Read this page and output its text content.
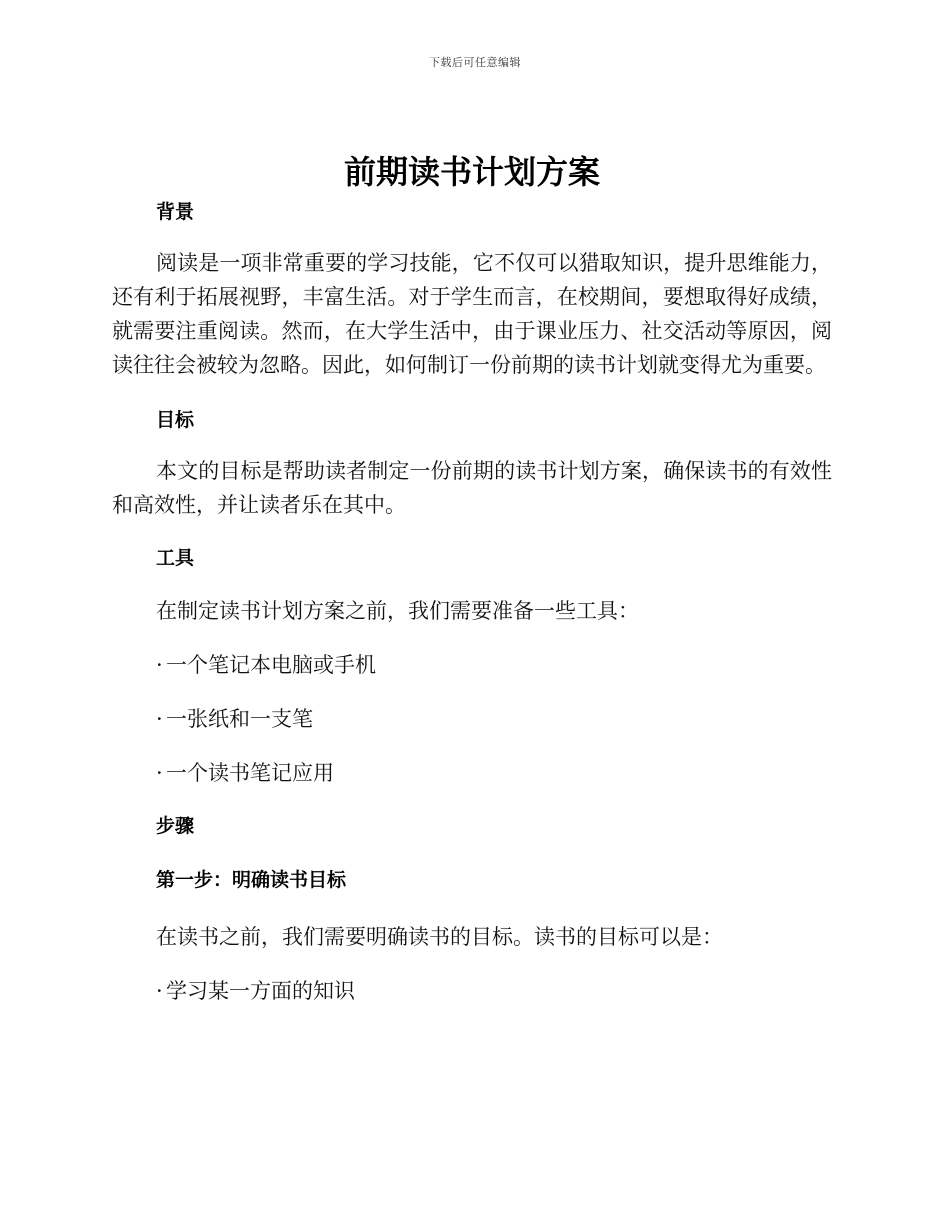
下载后可任意编辑
前期读书计划方案

背景

阅读是一项非常重要的学习技能，它不仅可以猎取知识，提升思维能力，还有利于拓展视野，丰富生活。对于学生而言，在校期间，要想取得好成绩，就需要注重阅读。然而，在大学生活中，由于课业压力、社交活动等原因，阅读往往会被较为忽略。因此，如何制订一份前期的读书计划就变得尤为重要。

目标

本文的目标是帮助读者制定一份前期的读书计划方案，确保读书的有效性和高效性，并让读者乐在其中。

工具

在制定读书计划方案之前，我们需要准备一些工具：

· 一个笔记本电脑或手机

· 一张纸和一支笔

· 一个读书笔记应用

步骤

第一步：明确读书目标

在读书之前，我们需要明确读书的目标。读书的目标可以是：

· 学习某一方面的知识
